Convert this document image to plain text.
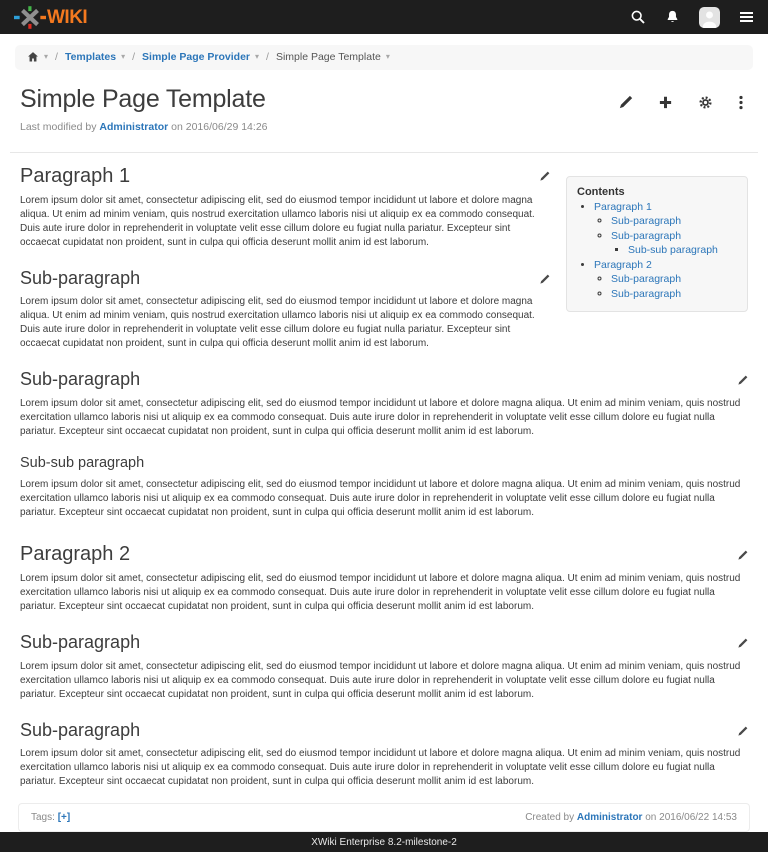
WIKI
▾ / Templates ▾ / Simple Page Provider ▾ / Simple Page Template ▾
Simple Page Template
Last modified by Administrator on 2016/06/29 14:26
Contents
• Paragraph 1
◦ Sub-paragraph
◦ Sub-paragraph
▪ Sub-sub paragraph
• Paragraph 2
◦ Sub-paragraph
◦ Sub-paragraph
Paragraph 1

Lorem ipsum dolor sit amet, consectetur adipiscing elit, sed do eiusmod tempor incididunt ut labore et dolore magna aliqua. Ut enim ad minim veniam, quis nostrud exercitation ullamco laboris nisi ut aliquip ex ea commodo consequat. Duis aute irure dolor in reprehenderit in voluptate velit esse cillum dolore eu fugiat nulla pariatur. Excepteur sint occaecat cupidatat non proident, sunt in culpa qui officia deserunt mollit anim id est laborum.

Sub-paragraph

Lorem ipsum dolor sit amet, consectetur adipiscing elit, sed do eiusmod tempor incididunt ut labore et dolore magna aliqua. Ut enim ad minim veniam, quis nostrud exercitation ullamco laboris nisi ut aliquip ex ea commodo consequat. Duis aute irure dolor in reprehenderit in voluptate velit esse cillum dolore eu fugiat nulla pariatur. Excepteur sint occaecat cupidatat non proident, sunt in culpa qui officia deserunt mollit anim id est laborum.

Sub-paragraph

Lorem ipsum dolor sit amet, consectetur adipiscing elit, sed do eiusmod tempor incididunt ut labore et dolore magna aliqua. Ut enim ad minim veniam, quis nostrud exercitation ullamco laboris nisi ut aliquip ex ea commodo consequat. Duis aute irure dolor in reprehenderit in voluptate velit esse cillum dolore eu fugiat nulla pariatur. Excepteur sint occaecat cupidatat non proident, sunt in culpa qui officia deserunt mollit anim id est laborum.

Sub-sub paragraph

Lorem ipsum dolor sit amet, consectetur adipiscing elit, sed do eiusmod tempor incididunt ut labore et dolore magna aliqua. Ut enim ad minim veniam, quis nostrud exercitation ullamco laboris nisi ut aliquip ex ea commodo consequat. Duis aute irure dolor in reprehenderit in voluptate velit esse cillum dolore eu fugiat nulla pariatur. Excepteur sint occaecat cupidatat non proident, sunt in culpa qui officia deserunt mollit anim id est laborum.

Paragraph 2

Lorem ipsum dolor sit amet, consectetur adipiscing elit, sed do eiusmod tempor incididunt ut labore et dolore magna aliqua. Ut enim ad minim veniam, quis nostrud exercitation ullamco laboris nisi ut aliquip ex ea commodo consequat. Duis aute irure dolor in reprehenderit in voluptate velit esse cillum dolore eu fugiat nulla pariatur. Excepteur sint occaecat cupidatat non proident, sunt in culpa qui officia deserunt mollit anim id est laborum.

Sub-paragraph

Lorem ipsum dolor sit amet, consectetur adipiscing elit, sed do eiusmod tempor incididunt ut labore et dolore magna aliqua. Ut enim ad minim veniam, quis nostrud exercitation ullamco laboris nisi ut aliquip ex ea commodo consequat. Duis aute irure dolor in reprehenderit in voluptate velit esse cillum dolore eu fugiat nulla pariatur. Excepteur sint occaecat cupidatat non proident, sunt in culpa qui officia deserunt mollit anim id est laborum.

Sub-paragraph

Lorem ipsum dolor sit amet, consectetur adipiscing elit, sed do eiusmod tempor incididunt ut labore et dolore magna aliqua. Ut enim ad minim veniam, quis nostrud exercitation ullamco laboris nisi ut aliquip ex ea commodo consequat. Duis aute irure dolor in reprehenderit in voluptate velit esse cillum dolore eu fugiat nulla pariatur. Excepteur sint occaecat cupidatat non proident, sunt in culpa qui officia deserunt mollit anim id est laborum.

Tags: [+]	Created by Administrator on 2016/06/22 14:53
XWiki Enterprise 8.2-milestone-2
